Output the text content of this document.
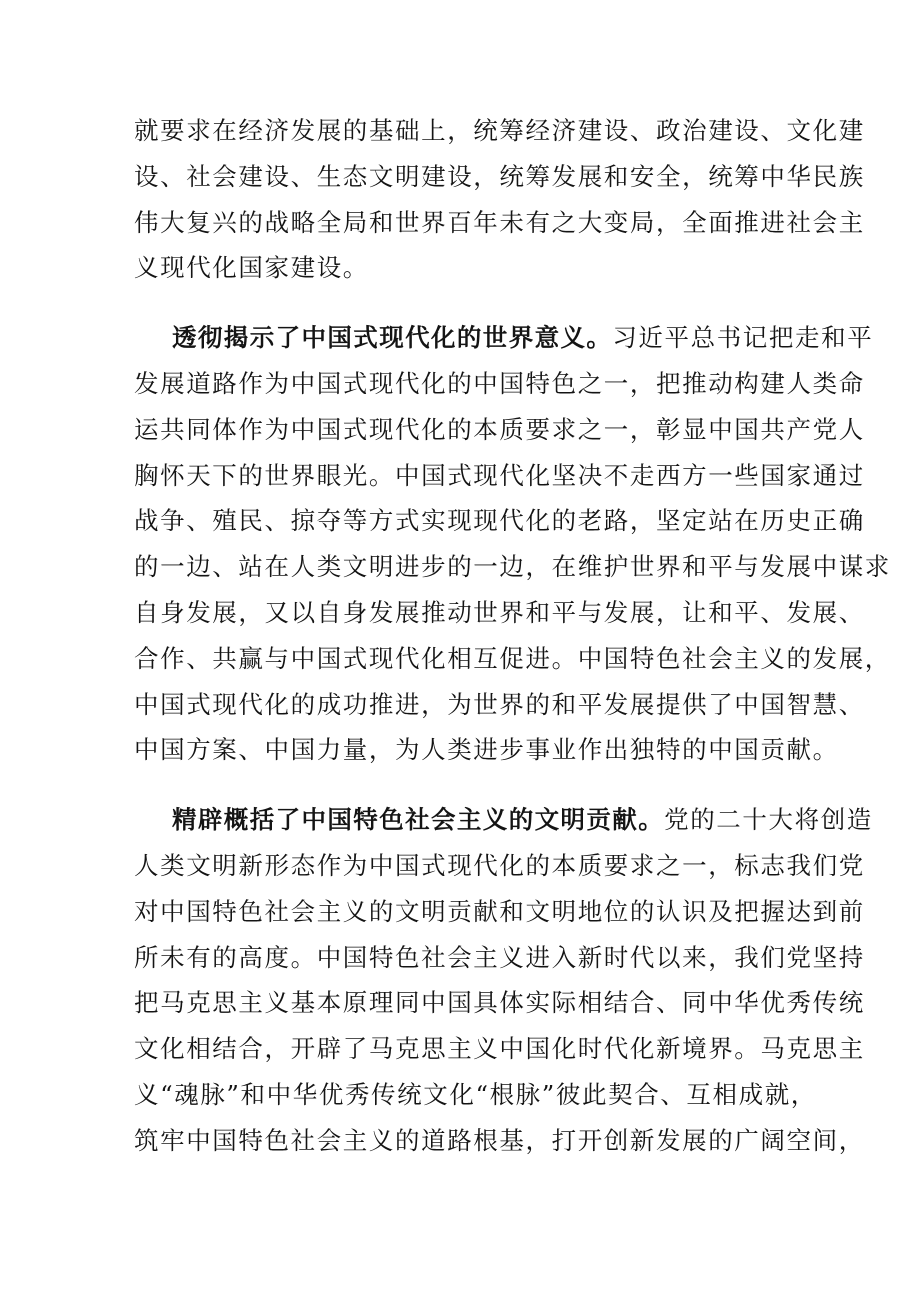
就要求在经济发展的基础上，统筹经济建设、政治建设、文化建
设、社会建设、生态文明建设，统筹发展和安全，统筹中华民族
伟大复兴的战略全局和世界百年未有之大变局，全面推进社会主
义现代化国家建设。
透彻揭示了中国式现代化的世界意义。习近平总书记把走和平
发展道路作为中国式现代化的中国特色之一，把推动构建人类命
运共同体作为中国式现代化的本质要求之一，彰显中国共产党人
胸怀天下的世界眼光。中国式现代化坚决不走西方一些国家通过
战争、殖民、掠夺等方式实现现代化的老路，坚定站在历史正确
的一边、站在人类文明进步的一边，在维护世界和平与发展中谋求
自身发展，又以自身发展推动世界和平与发展，让和平、发展、
合作、共赢与中国式现代化相互促进。中国特色社会主义的发展，
中国式现代化的成功推进，为世界的和平发展提供了中国智慧、
中国方案、中国力量，为人类进步事业作出独特的中国贡献。
精辟概括了中国特色社会主义的文明贡献。党的二十大将创造
人类文明新形态作为中国式现代化的本质要求之一，标志我们党
对中国特色社会主义的文明贡献和文明地位的认识及把握达到前
所未有的高度。中国特色社会主义进入新时代以来，我们党坚持
把马克思主义基本原理同中国具体实际相结合、同中华优秀传统
文化相结合，开辟了马克思主义中国化时代化新境界。马克思主
义“魂脉”和中华优秀传统文化“根脉”彼此契合、互相成就，
筑牢中国特色社会主义的道路根基，打开创新发展的广阔空间，
